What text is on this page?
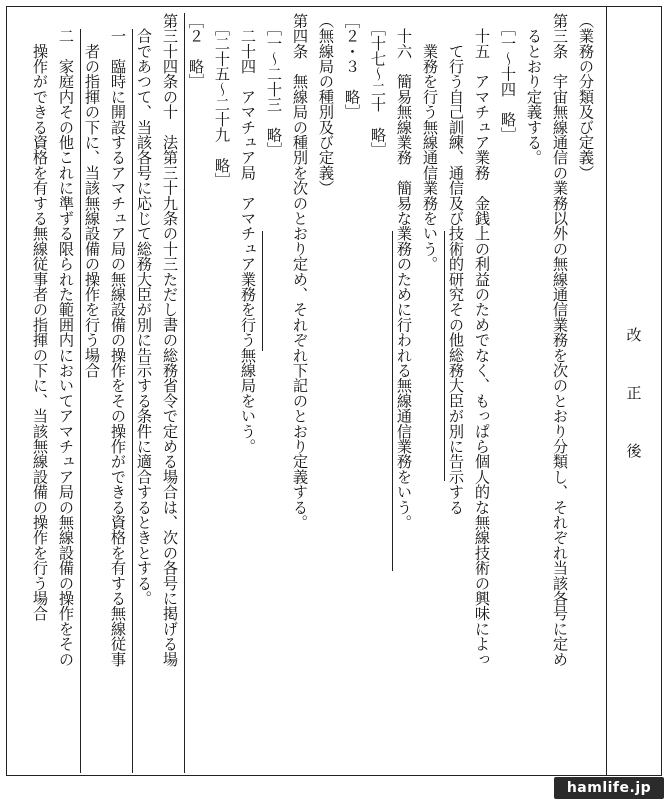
改　正　後
（業務の分類及び定義）
第三条　宇宙無線通信の業務以外の無線通信業務を次のとおり分類し、それぞれ当該各号に定め
　るとおり定義する。
　［一～十四　略］
　十五　アマチュア業務　金銭上の利益のためでなく、もっぱら個人的な無線技術の興味によっ
　　て行う自己訓練、通信及び技術的研究その他総務大臣が別に告示する
　　業務を行う無線通信業務をいう。
　十六　簡易無線業務　簡易な業務のために行われる無線通信業務をいう。
　［十七～二十　略］
［２・３　略］
（無線局の種別及び定義）
第四条　無線局の種別を次のとおり定め、それぞれ下記のとおり定義する。
　［一～二十三　略］
　二十四　アマチュア局　アマチュア業務を行う無線局をいう。
　［二十五～二十九　略］
［２　略］
第三十四条の十　法第三十九条の十三ただし書の総務省令で定める場合は、次の各号に掲げる場
　合であつて、当該各号に応じて総務大臣が別に告示する条件に適合するときとする。
　一　臨時に開設するアマチュア局の無線設備の操作をその操作ができる資格を有する無線従事
　　者の指揮の下に、当該無線設備の操作を行う場合
　二　家庭内その他これに準ずる限られた範囲内においてアマチュア局の無線設備の操作をその
　　操作ができる資格を有する無線従事者の指揮の下に、当該無線設備の操作を行う場合
hamlife.jp
